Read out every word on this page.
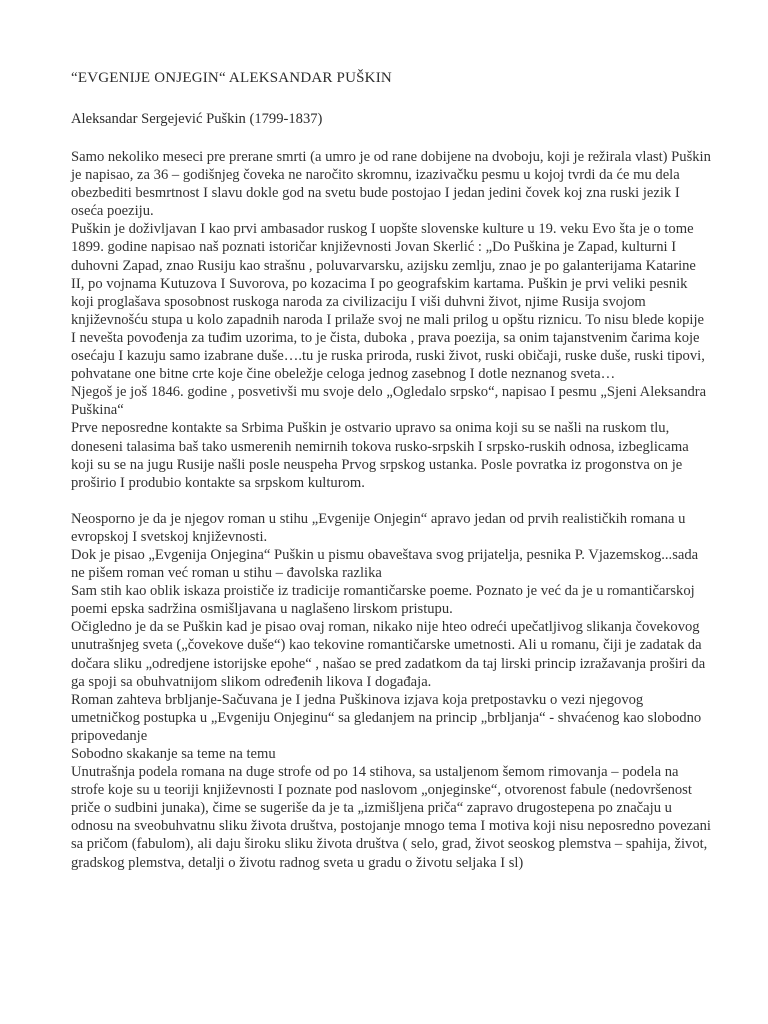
“EVGENIJE ONJEGIN“ ALEKSANDAR PUŠKIN

Aleksandar Sergejević Puškin (1799-1837)

Samo nekoliko meseci pre prerane smrti (a umro je od rane dobijene na dvoboju, koji je režirala vlast) Puškin je napisao, za 36 – godišnjeg čoveka ne naročito skromnu, izazivačku pesmu u kojoj tvrdi da će mu dela obezbediti besmrtnost I slavu dokle god na svetu bude postojao I jedan jedini čovek koj zna ruski jezik I oseća poeziju.

Puškin je doživljavan I kao prvi ambasador ruskog I uopšte slovenske kulture u 19. veku Evo šta je o tome 1899. godine napisao naš poznati istoričar književnosti Jovan Skerlić : „Do Puškina je Zapad, kulturni I duhovni Zapad, znao Rusiju kao strašnu , poluvarvarsku, azijsku zemlju, znao je po galanterijama Katarine II, po vojnama Kutuzova I Suvorova, po kozacima I po geografskim kartama. Puškin je prvi veliki pesnik koji proglašava sposobnost ruskoga naroda za civilizaciju I viši duhvni život, njime Rusija svojom književnošću stupa u kolo zapadnih naroda I prilaže svoj ne mali prilog u opštu riznicu. To nisu blede kopije I nevešta povođenja za tuđim uzorima, to je čista, duboka , prava poezija, sa onim tajanstvenim čarima koje osećaju I kazuju samo izabrane duše….tu je ruska priroda, ruski život, ruski običaji, ruske duše, ruski tipovi, pohvatane one bitne crte koje čine obeležje celoga jednog zasebnog I dotle neznanog sveta…

Njegoš je još 1846. godine , posvetivši mu svoje delo „Ogledalo srpsko“, napisao I pesmu „Sjeni Aleksandra Puškina“

Prve neposredne kontakte sa Srbima Puškin je ostvario upravo sa onima koji su se našli na ruskom tlu, doneseni talasima baš tako usmerenih nemirnih tokova rusko-srpskih I srpsko-ruskih odnosa, izbeglicama koji su se na jugu Rusije našli posle neuspeha Prvog srpskog ustanka. Posle povratka iz progonstva on je proširio I produbio kontakte sa srpskom kulturom.

Neosporno je da je njegov roman u stihu „Evgenije Onjegin“ apravo jedan od prvih realističkih romana u evropskoj I svetskoj književnosti.

Dok je pisao „Evgenija Onjegina“ Puškin u pismu obaveštava svog prijatelja, pesnika P. Vjazemskog...sada ne pišem roman već roman u stihu – đavolska razlika

Sam stih kao oblik iskaza proističe iz tradicije romantičarske poeme. Poznato je već da je u romantičarskoj poemi epska sadržina osmišljavana u naglašeno lirskom pristupu.

Očigledno je da se Puškin kad je pisao ovaj roman, nikako nije hteo odreći upečatljivog slikanja čovekovog unutrašnjeg sveta („čovekove duše“) kao tekovine romantičarske umetnosti. Ali u romanu, čiji je zadatak da dočara sliku „odredjene istorijske epohe“ , našao se pred zadatkom da taj lirski princip izražavanja proširi da ga spoji sa obuhvatnijom slikom određenih likova I događaja.

Roman zahteva brbljanje-Sačuvana je I jedna Puškinova izjava koja pretpostavku o vezi njegovog umetničkog postupka u „Evgeniju Onjeginu“ sa gledanjem na princip „brbljanja“ - shvaćenog kao slobodno pripovedanje

Sobodno skakanje sa teme na temu

Unutrašnja podela romana na duge strofe od po 14 stihova, sa ustaljenom šemom rimovanja – podela na strofe koje su u teoriji književnosti I poznate pod naslovom „onjeginske“, otvorenost fabule (nedovršenost priče o sudbini junaka), čime se sugeriše da je ta „izmišljena priča“ zapravo drugostepena po značaju u odnosu na sveobuhvatnu sliku života društva, postojanje mnogo tema I motiva koji nisu neposredno povezani sa pričom (fabulom), ali daju široku sliku života društva ( selo, grad, život seoskog plemstva – spahija, život, gradskog plemstva, detalji o životu radnog sveta u gradu o životu seljaka I sl)
